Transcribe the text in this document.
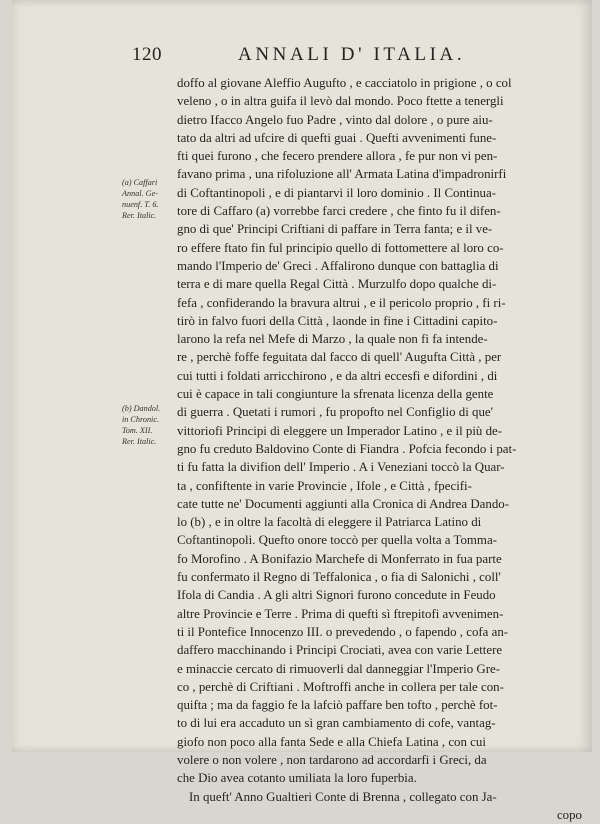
120	ANNALI D' ITALIA.
(a) Caffari
Annal. Ge-
nuenf. T. 6.
Rer. Italic.
(b) Dandol.
in Chronic.
Tom. XII.
Rer. Italic.
doffo al giovane Aleffio Augufto , e cacciatolo in prigione , o col
veleno , o in altra guifa il levò dal mondo. Poco ftette a tenergli
dietro Ifacco Angelo fuo Padre , vinto dal dolore , o pure aiu-
tato da altri ad ufcire di quefti guai . Quefti avvenimenti fune-
fti quei furono , che fecero prendere allora , fe pur non vi pen-
favano prima , una rifoluzione all' Armata Latina d'impadronirfi
di Coftantinopoli , e di piantarvi il loro dominio . Il Continua-
tore di Caffaro (a) vorrebbe farci credere , che finto fu il difen-
gno di que' Principi Criftiani di paffare in Terra fanta; e il ve-
ro effere ftato fin ful principio quello di fottomettere al loro co-
mando l'Imperio de' Greci . Affalirono dunque con battaglia di
terra e di mare quella Regal Città . Murzulfo dopo qualche di-
fefa , confiderando la bravura altrui , e il pericolo proprio , fi ri-
tirò in falvo fuori della Città , laonde in fine i Cittadini capito-
larono la refa nel Mefe di Marzo , la quale non fi fa intende-
re , perchè foffe feguitata dal facco di quell' Augufta Città , per
cui tutti i foldati arricchirono , e da altri eccesfi e difordini , di
cui è capace in tali congiunture la sfrenata licenza della gente
di guerra . Quetati i rumori , fu propofto nel Configlio di que'
vittoriofi Principi di eleggere un Imperador Latino , e il più de-
gno fu creduto Baldovino Conte di Fiandra . Pofcia fecondo i pat-
ti fu fatta la divifion dell' Imperio . A i Veneziani toccò la Quar-
ta , confiftente in varie Provincie , Ifole , e Città , fpecifi-
cate tutte ne' Documenti aggiunti alla Cronica di Andrea Dando-
lo (b) , e in oltre la facoltà di eleggere il Patriarca Latino di
Coftantinopoli. Quefto onore toccò per quella volta a Tomma-
fo Morofino . A Bonifazio Marchefe di Monferrato in fua parte
fu confermato il Regno di Teffalonica , o fia di Salonichi , coll'
Ifola di Candia . A gli altri Signori furono concedute in Feudo
altre Provincie e Terre . Prima di quefti sì ftrepitofi avvenimen-
ti il Pontefice Innocenzo III. o prevedendo , o fapendo , cofa an-
daffero macchinando i Principi Crociati, avea con varie Lettere
e minaccie cercato di rimuoverli dal danneggiar l'Imperio Gre-
co , perchè di Criftiani . Moftroffi anche in collera per tale con-
quifta ; ma da faggio fe la lafciò paffare ben tofto , perchè fot-
to di lui era accaduto un sì gran cambiamento di cofe, vantag-
giofo non poco alla fanta Sede e alla Chiefa Latina , con cui
volere o non volere , non tardarono ad accordarfi i Greci, da
che Dio avea cotanto umiliata la loro fuperbia.
In queft' Anno Gualtieri Conte di Brenna , collegato con Ja-
copo
